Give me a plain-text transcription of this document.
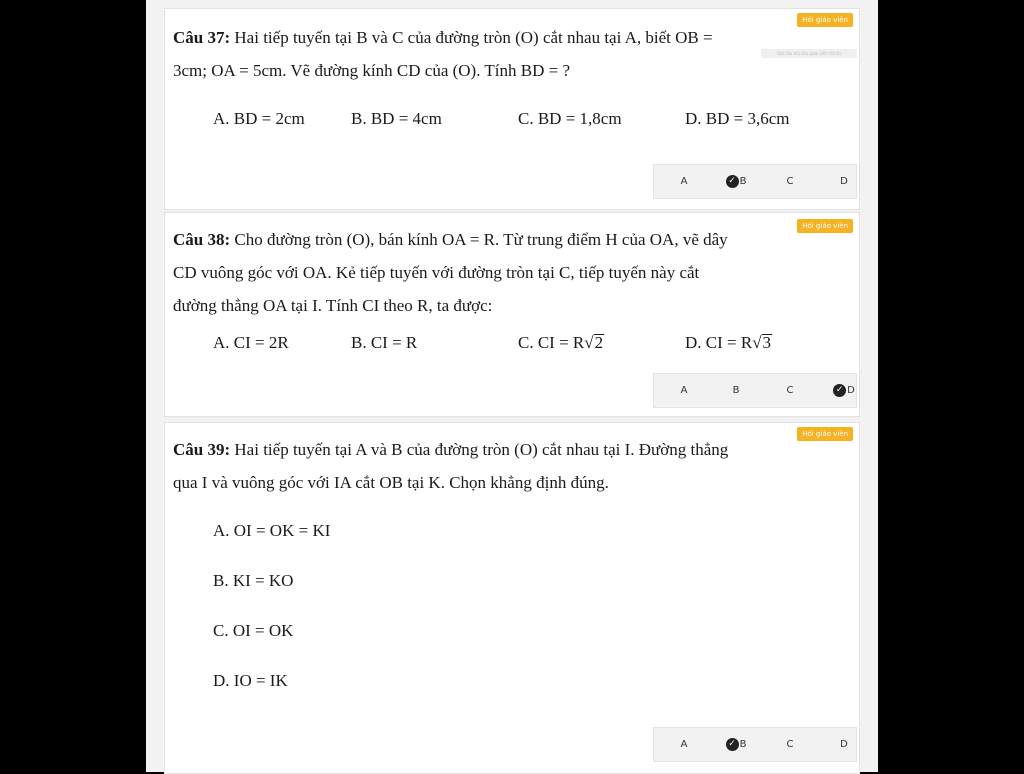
Hỏi giáo viên
Bật câu hỏi cho giáo viên trả lời
Câu 37: Hai tiếp tuyến tại B và C của đường tròn (O) cắt nhau tại A, biết OB =
3cm; OA = 5cm. Vẽ đường kính CD của (O). Tính BD = ?
A. BD = 2cm	B. BD = 4cm	C. BD = 1,8cm	D. BD = 3,6cm
A	✓ B	C	D
Hỏi giáo viên
Câu 38: Cho đường tròn (O), bán kính OA = R. Từ trung điểm H của OA, vẽ dây
CD vuông góc với OA. Kẻ tiếp tuyến với đường tròn tại C, tiếp tuyến này cắt
đường thẳng OA tại I. Tính CI theo R, ta được:
A. CI = 2R	B. CI = R	C. CI = R √ 2	D. CI = R √ 3
A	B	C	✓ D
Hỏi giáo viên
Câu 39: Hai tiếp tuyến tại A và B của đường tròn (O) cắt nhau tại I. Đường thẳng
qua I và vuông góc với IA cắt OB tại K. Chọn khẳng định đúng.
A. OI = OK = KI
B. KI = KO
C. OI = OK
D. IO = IK
A	✓ B	C	D
